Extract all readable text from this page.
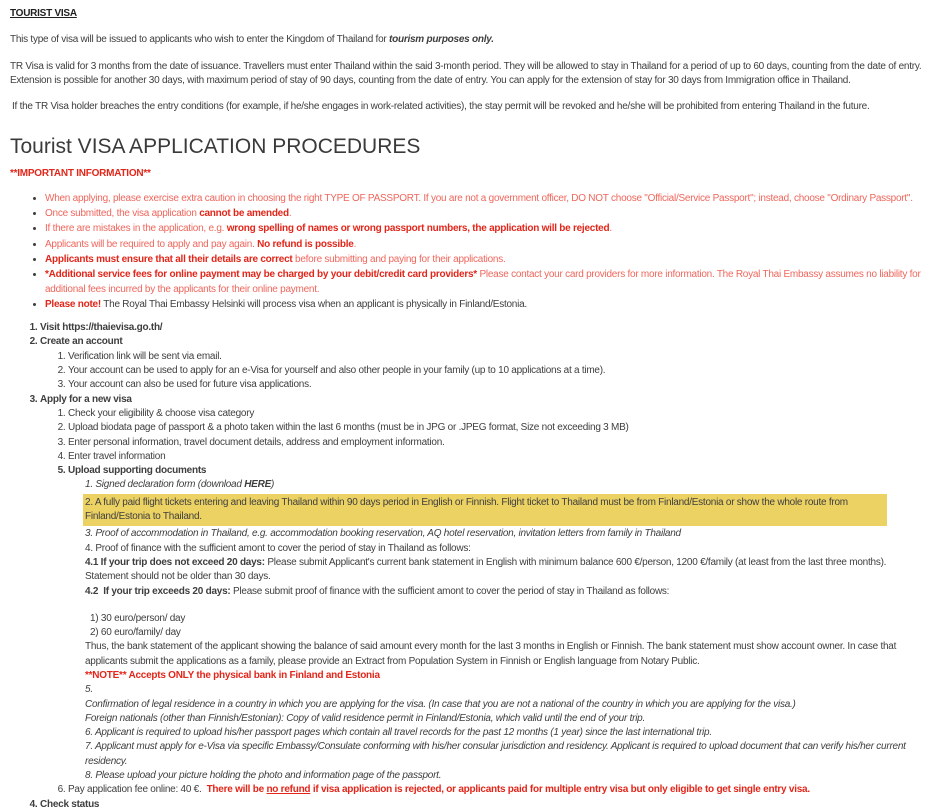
TOURIST VISA

This type of visa will be issued to applicants who wish to enter the Kingdom of Thailand for tourism purposes only.

TR Visa is valid for 3 months from the date of issuance. Travellers must enter Thailand within the said 3-month period. They will be allowed to stay in Thailand for a period of up to 60 days, counting from the date of entry. Extension is possible for another 30 days, with maximum period of stay of 90 days, counting from the date of entry. You can apply for the extension of stay for 30 days from Immigration office in Thailand.

If the TR Visa holder breaches the entry conditions (for example, if he/she engages in work-related activities), the stay permit will be revoked and he/she will be prohibited from entering Thailand in the future.

Tourist VISA APPLICATION PROCEDURES
**IMPORTANT INFORMATION**
• When applying, please exercise extra caution in choosing the right TYPE OF PASSPORT. If you are not a government officer, DO NOT choose "Official/Service Passport"; instead, choose "Ordinary Passport".
• Once submitted, the visa application cannot be amended.
• If there are mistakes in the application, e.g. wrong spelling of names or wrong passport numbers, the application will be rejected.
• Applicants will be required to apply and pay again. No refund is possible.
• Applicants must ensure that all their details are correct before submitting and paying for their applications.
• *Additional service fees for online payment may be charged by your debit/credit card providers* Please contact your card providers for more information. The Royal Thai Embassy assumes no liability for additional fees incurred by the applicants for their online payment.
• Please note! The Royal Thai Embassy Helsinki will process visa when an applicant is physically in Finland/Estonia.
1. Visit https://thaievisa.go.th/
2. Create an account
1. Verification link will be sent via email.
2. Your account can be used to apply for an e-Visa for yourself and also other people in your family (up to 10 applications at a time).
3. Your account can also be used for future visa applications.
3. Apply for a new visa
1. Check your eligibility & choose visa category
2. Upload biodata page of passport & a photo taken within the last 6 months (must be in JPG or .JPEG format, Size not exceeding 3 MB)
3. Enter personal information, travel document details, address and employment information.
4. Enter travel information
5. Upload supporting documents
Signed declaration form (download HERE)
A fully paid flight tickets entering and leaving Thailand within 90 days period in English or Finnish. Flight ticket to Thailand must be from Finland/Estonia or show the whole route from Finland/Estonia to Thailand.
Proof of accommodation in Thailand, e.g. accommodation booking reservation, AQ hotel reservation, invitation letters from family in Thailand
Proof of finance with the sufficient amont to cover the period of stay in Thailand as follows:
4.1 If your trip does not exceed 20 days: Please submit Applicant's current bank statement in English with minimum balance 600 €/person, 1200 €/family (at least from the last three months). Statement should not be older than 30 days.
4.2  If your trip exceeds 20 days: Please submit proof of finance with the sufficient amont to cover the period of stay in Thailand as follows:
1) 30 euro/person/ day
2) 60 euro/family/ day
Thus, the bank statement of the applicant showing the balance of said amount every month for the last 3 months in English or Finnish. The bank statement must show account owner. In case that applicants submit the applications as a family, please provide an Extract from Population System in Finnish or English language from Notary Public.
**NOTE** Accepts ONLY the physical bank in Finland and Estonia
Confirmation of legal residence in a country in which you are applying for the visa. (In case that you are not a national of the country in which you are applying for the visa.)
Foreign nationals (other than Finnish/Estonian): Copy of valid residence permit in Finland/Estonia, which valid until the end of your trip.
Applicant is required to upload his/her passport pages which contain all travel records for the past 12 months (1 year) since the last international trip.
Applicant must apply for e-Visa via specific Embassy/Consulate conforming with his/her consular jurisdiction and residency. Applicant is required to upload document that can verify his/her current residency.
Please upload your picture holding the photo and information page of the passport.
6. Pay application fee online: 40 €.  There will be no refund if visa application is rejected, or applicants paid for multiple entry visa but only eligible to get single entry visa.
4. Check status
